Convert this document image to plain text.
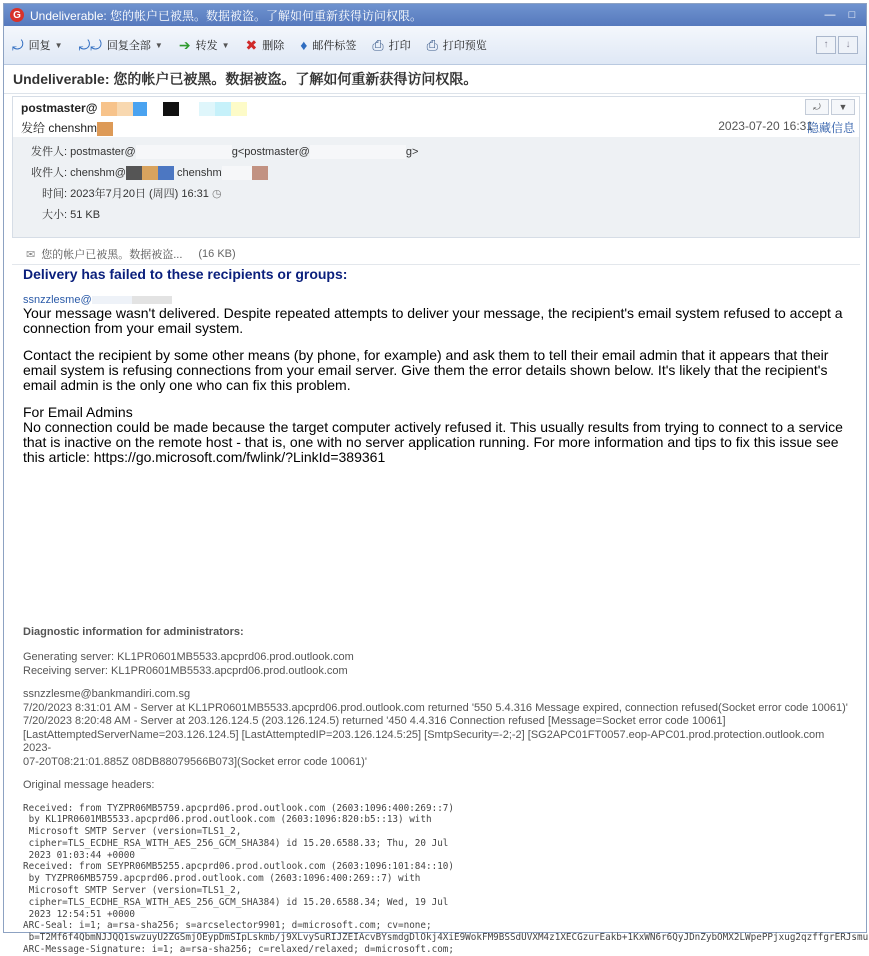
G Undeliverable: 您的帐户已被黑。数据被盗。了解如何重新获得访问权限。	—	□
⤾ 回复 ▼ ⤾⤾ 回复全部 ▼ ➔ 转发 ▼ ✖ 删除 ♦ 邮件标签 ⎙ 打印 ⎙ 打印预览	↑	↓
Undeliverable: 您的帐户已被黑。数据被盗。了解如何重新获得访问权限。
postmaster@
发给 chenshm
⤾	▼
2023-07-20 16:31
隐藏信息
发件人: postmaster@	g<postmaster@	g>
收件人: chenshm@	chenshm
时间: 2023年7月20日 (周四) 16:31 ◷
大小: 51 KB
✉ 您的帐户已被黑。数据被盗... (16 KB)
Delivery has failed to these recipients or groups:
ssnzzlesme@

Your message wasn't delivered. Despite repeated attempts to deliver your message, the recipient's email system refused to accept a connection from your email system.

Contact the recipient by some other means (by phone, for example) and ask them to tell their email admin that it appears that their email system is refusing connections from your email server. Give them the error details shown below. It's likely that the recipient's email admin is the only one who can fix this problem.

For Email Admins

No connection could be made because the target computer actively refused it. This usually results from trying to connect to a service that is inactive on the remote host - that is, one with no server application running. For more information and tips to fix this issue see this article: https://go.microsoft.com/fwlink/?LinkId=389361

Diagnostic information for administrators:
Generating server: KL1PR0601MB5533.apcprd06.prod.outlook.com
Receiving server: KL1PR0601MB5533.apcprd06.prod.outlook.com
ssnzzlesme@bankmandiri.com.sg
7/20/2023 8:31:01 AM - Server at KL1PR0601MB5533.apcprd06.prod.outlook.com returned '550 5.4.316 Message expired, connection refused(Socket error code 10061)'
7/20/2023 8:20:48 AM - Server at 203.126.124.5 (203.126.124.5) returned '450 4.4.316 Connection refused [Message=Socket error code 10061]
[LastAttemptedServerName=203.126.124.5] [LastAttemptedIP=203.126.124.5:25] [SmtpSecurity=-2;-2] [SG2APC01FT0057.eop-APC01.prod.protection.outlook.com 2023-
07-20T08:21:01.885Z 08DB88079566B073](Socket error code 10061)'
Original message headers:
Received: from TYZPR06MB5759.apcprd06.prod.outlook.com (2603:1096:400:269::7)
by KL1PR0601MB5533.apcprd06.prod.outlook.com (2603:1096:820:b5::13) with
Microsoft SMTP Server (version=TLS1_2,
cipher=TLS_ECDHE_RSA_WITH_AES_256_GCM_SHA384) id 15.20.6588.33; Thu, 20 Jul
2023 01:03:44 +0000
Received: from SEYPR06MB5255.apcprd06.prod.outlook.com (2603:1096:101:84::10)
by TYZPR06MB5759.apcprd06.prod.outlook.com (2603:1096:400:269::7) with
Microsoft SMTP Server (version=TLS1_2,
cipher=TLS_ECDHE_RSA_WITH_AES_256_GCM_SHA384) id 15.20.6588.34; Wed, 19 Jul
2023 12:54:51 +0000
ARC-Seal: i=1; a=rsa-sha256; s=arcselector9901; d=microsoft.com; cv=none;
b=T2Mf6f4QbmNJJQQ1swzuyU2ZGSmjOEypDmSIpLskmb/j9XLvySuRIJZEIAcvBYsmdgDlOkj4XiE9WokFM9BSSdUVXM4z1XECGzurEakb+1KxWN6r6QyJDnZybOMX2LWpePPjxug2qzffgrERJsmu
ARC-Message-Signature: i=1; a=rsa-sha256; c=relaxed/relaxed; d=microsoft.com;
